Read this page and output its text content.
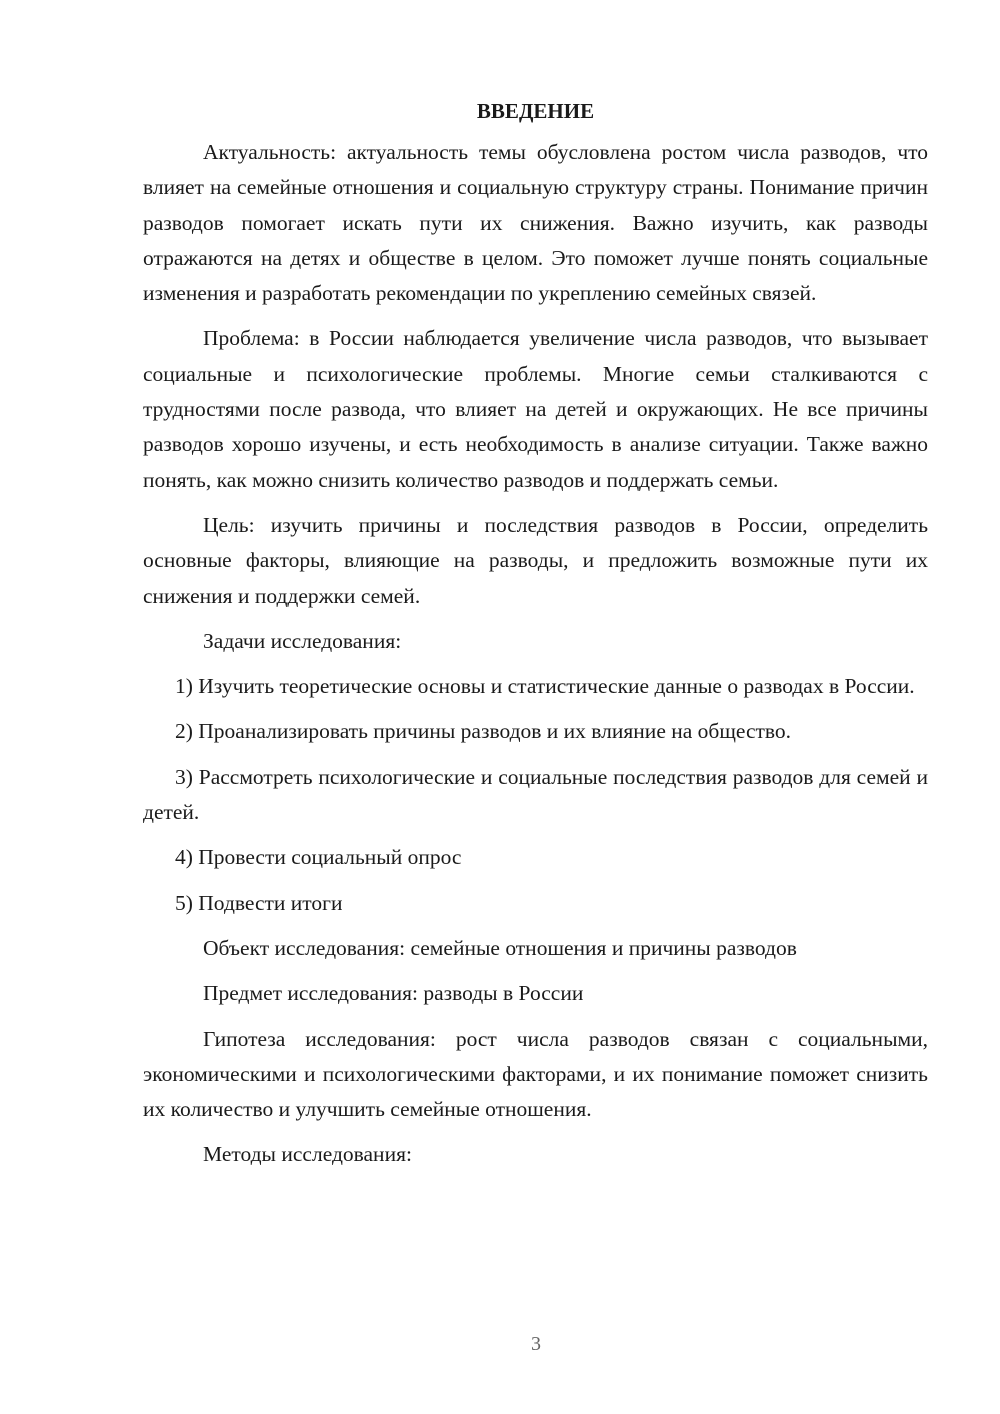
ВВЕДЕНИЕ

Актуальность: актуальность темы обусловлена ростом числа разводов, что влияет на семейные отношения и социальную структуру страны. Понимание причин разводов помогает искать пути их снижения. Важно изучить, как разводы отражаются на детях и обществе в целом. Это поможет лучше понять социальные изменения и разработать рекомендации по укреплению семейных связей.

Проблема: в России наблюдается увеличение числа разводов, что вызывает социальные и психологические проблемы. Многие семьи сталкиваются с трудностями после развода, что влияет на детей и окружающих. Не все причины разводов хорошо изучены, и есть необходимость в анализе ситуации. Также важно понять, как можно снизить количество разводов и поддержать семьи.

Цель: изучить причины и последствия разводов в России, определить основные факторы, влияющие на разводы, и предложить возможные пути их снижения и поддержки семей.

Задачи исследования:

1) Изучить теоретические основы и статистические данные о разводах в России.

2) Проанализировать причины разводов и их влияние на общество.

3) Рассмотреть психологические и социальные последствия разводов для семей и детей.

4) Провести социальный опрос

5) Подвести итоги

Объект исследования: семейные отношения и причины разводов

Предмет исследования: разводы в России

Гипотеза исследования: рост числа разводов связан с социальными, экономическими и психологическими факторами, и их понимание поможет снизить их количество и улучшить семейные отношения.

Методы исследования:

3
